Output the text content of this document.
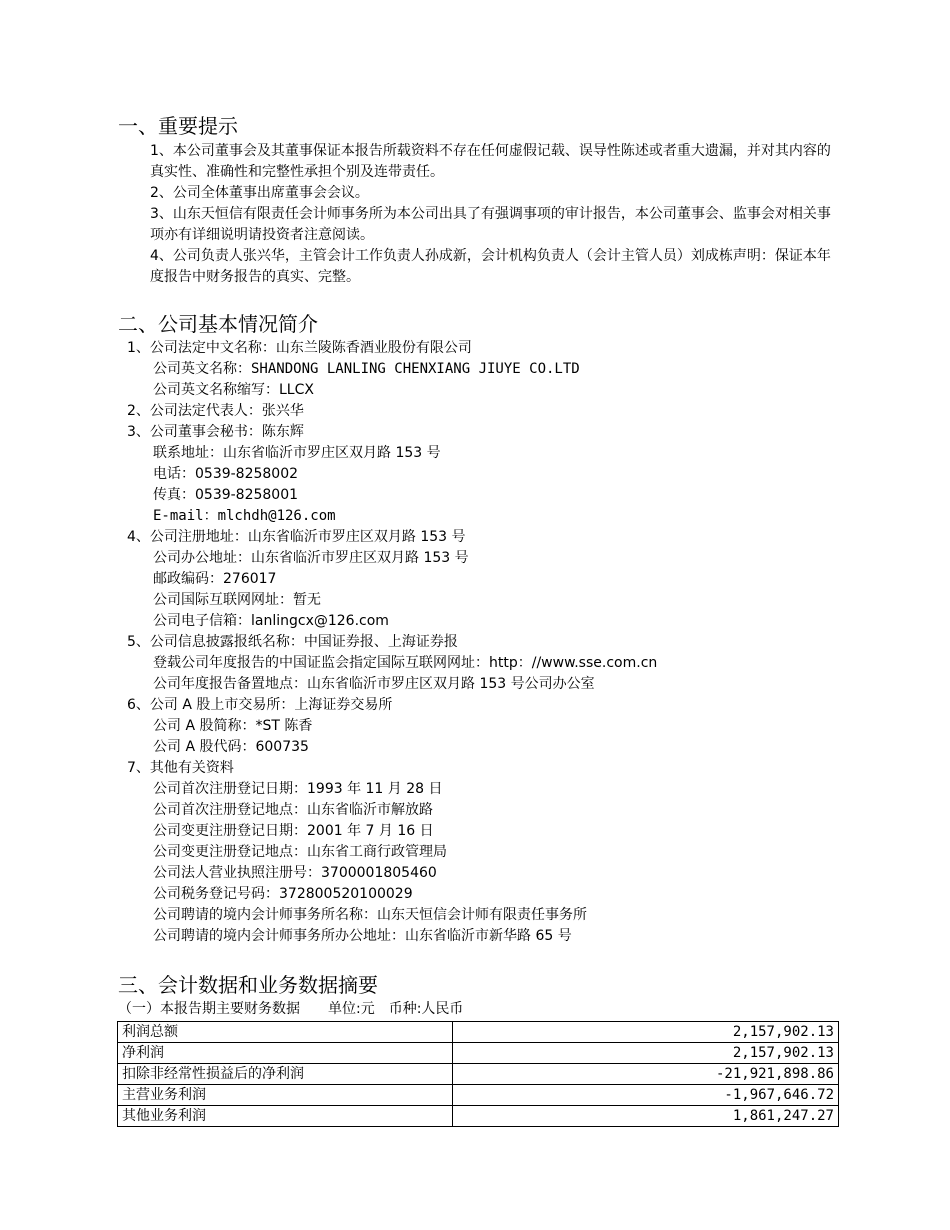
一、重要提示
1、本公司董事会及其董事保证本报告所载资料不存在任何虚假记载、误导性陈述或者重大遗漏，并对其内容的真实性、准确性和完整性承担个别及连带责任。
2、公司全体董事出席董事会会议。
3、山东天恒信有限责任会计师事务所为本公司出具了有强调事项的审计报告，本公司董事会、监事会对相关事项亦有详细说明请投资者注意阅读。
4、公司负责人张兴华，主管会计工作负责人孙成新，会计机构负责人（会计主管人员）刘成栋声明：保证本年度报告中财务报告的真实、完整。
二、公司基本情况简介
1、公司法定中文名称：山东兰陵陈香酒业股份有限公司
公司英文名称：SHANDONG LANLING CHENXIANG JIUYE CO.LTD
公司英文名称缩写：LLCX
2、公司法定代表人：张兴华
3、公司董事会秘书：陈东辉
联系地址：山东省临沂市罗庄区双月路 153 号
电话：0539-8258002
传真：0539-8258001
E-mail：mlchdh@126.com
4、公司注册地址：山东省临沂市罗庄区双月路 153 号
公司办公地址：山东省临沂市罗庄区双月路 153 号
邮政编码：276017
公司国际互联网网址：暂无
公司电子信箱：lanlingcx@126.com
5、公司信息披露报纸名称：中国证券报、上海证券报
登载公司年度报告的中国证监会指定国际互联网网址：http：//www.sse.com.cn
公司年度报告备置地点：山东省临沂市罗庄区双月路 153 号公司办公室
6、公司 A 股上市交易所：上海证券交易所
公司 A 股简称：*ST 陈香
公司 A 股代码：600735
7、其他有关资料
公司首次注册登记日期：1993 年 11 月 28 日
公司首次注册登记地点：山东省临沂市解放路
公司变更注册登记日期：2001 年 7 月 16 日
公司变更注册登记地点：山东省工商行政管理局
公司法人营业执照注册号：3700001805460
公司税务登记号码：372800520100029
公司聘请的境内会计师事务所名称：山东天恒信会计师有限责任事务所
公司聘请的境内会计师事务所办公地址：山东省临沂市新华路 65 号
三、会计数据和业务数据摘要
（一）本报告期主要财务数据　　单位:元　币种:人民币
利润总额	2,157,902.13
净利润	2,157,902.13
扣除非经常性损益后的净利润	-21,921,898.86
主营业务利润	-1,967,646.72
其他业务利润	1,861,247.27
